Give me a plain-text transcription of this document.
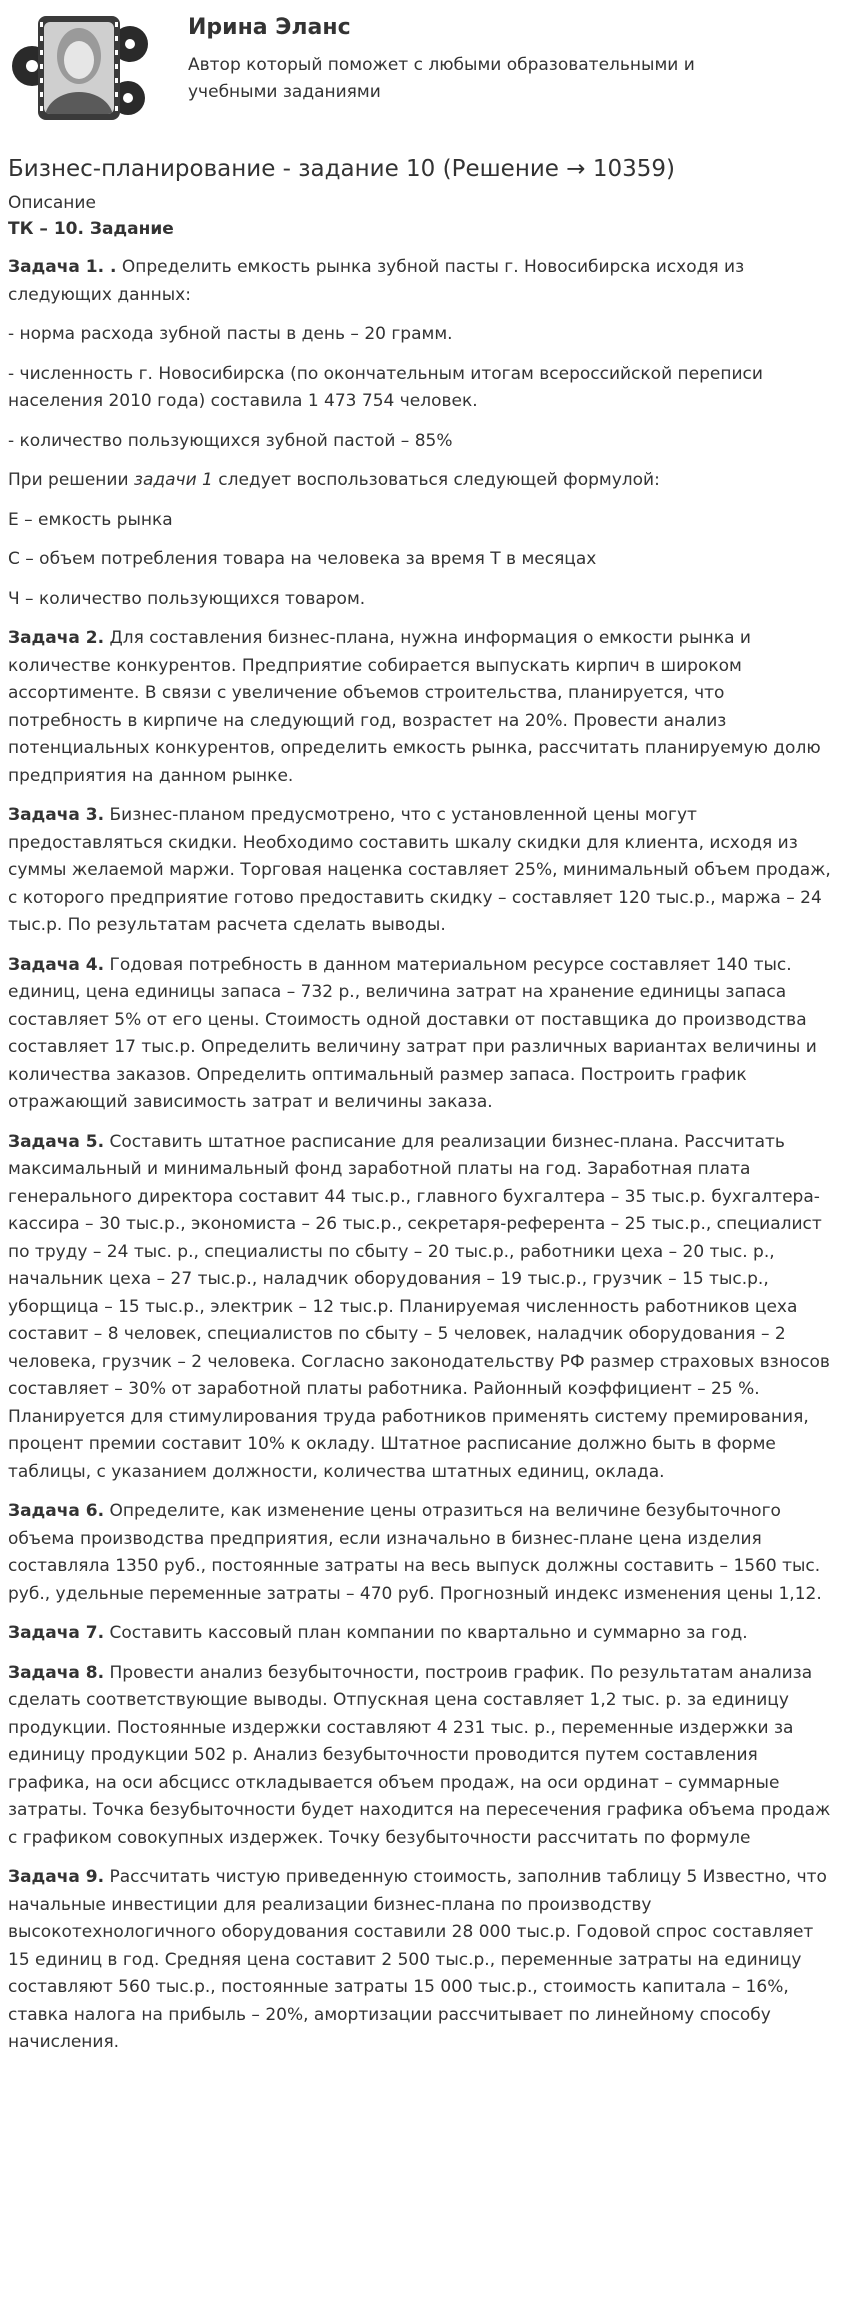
Ирина Эланс
Автор который поможет с любыми образовательными и учебными заданиями
Бизнес-планирование - задание 10 (Решение → 10359)
Описание
ТК – 10. Задание

Задача 1. . Определить емкость рынка зубной пасты г. Новосибирска исходя из следующих данных:

- норма расхода зубной пасты в день – 20 грамм.

- численность г. Новосибирска (по окончательным итогам всероссийской переписи населения 2010 года) составила 1 473 754 человек.

- количество пользующихся зубной пастой – 85%

При решении задачи 1 следует воспользоваться следующей формулой:

Е – емкость рынка

С – объем потребления товара на человека за время Т в месяцах

Ч – количество пользующихся товаром.

Задача 2. Для составления бизнес-плана, нужна информация о емкости рынка и количестве конкурентов. Предприятие собирается выпускать кирпич в широком ассортименте. В связи с увеличение объемов строительства, планируется, что потребность в кирпиче на следующий год, возрастет на 20%. Провести анализ потенциальных конкурентов, определить емкость рынка, рассчитать планируемую долю предприятия на данном рынке.

Задача 3. Бизнес-планом предусмотрено, что с установленной цены могут предоставляться скидки. Необходимо составить шкалу скидки для клиента, исходя из суммы желаемой маржи. Торговая наценка составляет 25%, минимальный объем продаж, с которого предприятие готово предоставить скидку – составляет 120 тыс.р., маржа – 24 тыс.р. По результатам расчета сделать выводы.

Задача 4. Годовая потребность в данном материальном ресурсе составляет 140 тыс. единиц, цена единицы запаса – 732 р., величина затрат на хранение единицы запаса составляет 5% от его цены. Стоимость одной доставки от поставщика до производства составляет 17 тыс.р. Определить величину затрат при различных вариантах величины и количества заказов. Определить оптимальный размер запаса. Построить график отражающий зависимость затрат и величины заказа.

Задача 5. Составить штатное расписание для реализации бизнес-плана. Рассчитать максимальный и минимальный фонд заработной платы на год. Заработная плата генерального директора составит 44 тыс.р., главного бухгалтера – 35 тыс.р. бухгалтера-кассира – 30 тыс.р., экономиста – 26 тыс.р., секретаря-референта – 25 тыс.р., специалист по труду – 24 тыс. р., специалисты по сбыту – 20 тыс.р., работники цеха – 20 тыс. р., начальник цеха – 27 тыс.р., наладчик оборудования – 19 тыс.р., грузчик – 15 тыс.р., уборщица – 15 тыс.р., электрик – 12 тыс.р. Планируемая численность работников цеха составит – 8 человек, специалистов по сбыту – 5 человек, наладчик оборудования – 2 человека, грузчик – 2 человека. Согласно законодательству РФ размер страховых взносов составляет – 30% от заработной платы работника. Районный коэффициент – 25 %. Планируется для стимулирования труда работников применять систему премирования, процент премии составит 10% к окладу. Штатное расписание должно быть в форме таблицы, с указанием должности, количества штатных единиц, оклада.

Задача 6. Определите, как изменение цены отразиться на величине безубыточного объема производства предприятия, если изначально в бизнес-плане цена изделия составляла 1350 руб., постоянные затраты на весь выпуск должны составить – 1560 тыс. руб., удельные переменные затраты – 470 руб. Прогнозный индекс изменения цены 1,12.

Задача 7. Составить кассовый план компании по квартально и суммарно за год.

Задача 8. Провести анализ безубыточности, построив график. По результатам анализа сделать соответствующие выводы. Отпускная цена составляет 1,2 тыс. р. за единицу продукции. Постоянные издержки составляют 4 231 тыс. р., переменные издержки за единицу продукции 502 р. Анализ безубыточности проводится путем составления графика, на оси абсцисс откладывается объем продаж, на оси ординат – суммарные затраты. Точка безубыточности будет находится на пересечения графика объема продаж с графиком совокупных издержек. Точку безубыточности рассчитать по формуле

Задача 9. Рассчитать чистую приведенную стоимость, заполнив таблицу 5 Известно, что начальные инвестиции для реализации бизнес-плана по производству высокотехнологичного оборудования составили 28 000 тыс.р. Годовой спрос составляет 15 единиц в год. Средняя цена составит 2 500 тыс.р., переменные затраты на единицу составляют 560 тыс.р., постоянные затраты 15 000 тыс.р., стоимость капитала – 16%, ставка налога на прибыль – 20%, амортизации рассчитывает по линейному способу начисления.
